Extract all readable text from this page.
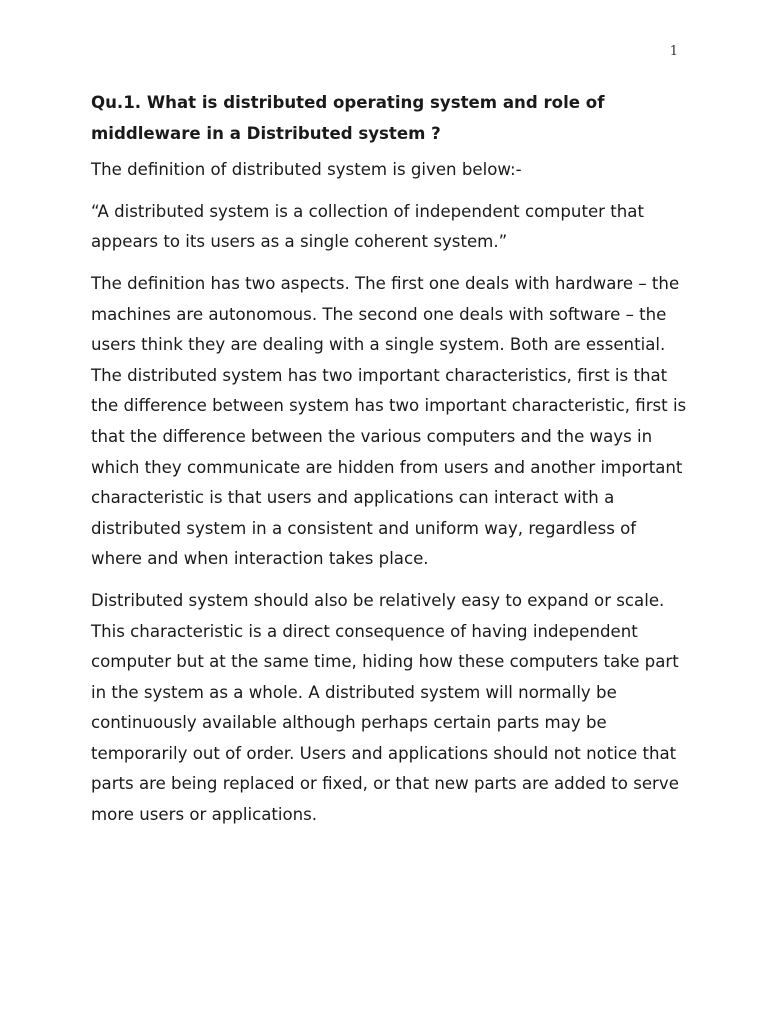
1

Qu.1. What is distributed operating system and role of middleware in a Distributed system ?

The definition of distributed system is given below:-

“A distributed system is a collection of independent computer that appears to its users as a single coherent system.”

The definition has two aspects. The first one deals with hardware – the machines are autonomous. The second one deals with software – the users think they are dealing with a single system. Both are essential. The distributed system has two important characteristics, first is that the difference between system has two important characteristic, first is that the difference between the various computers and the ways in which they communicate are hidden from users and another important characteristic is that users and applications can interact with a distributed system in a consistent and uniform way, regardless of where and when interaction takes place.

Distributed system should also be relatively easy to expand or scale. This characteristic is a direct consequence of having independent computer but at the same time, hiding how these computers take part in the system as a whole. A distributed system will normally be continuously available although perhaps certain parts may be temporarily out of order. Users and applications should not notice that parts are being replaced or fixed, or that new parts are added to serve more users or applications.
